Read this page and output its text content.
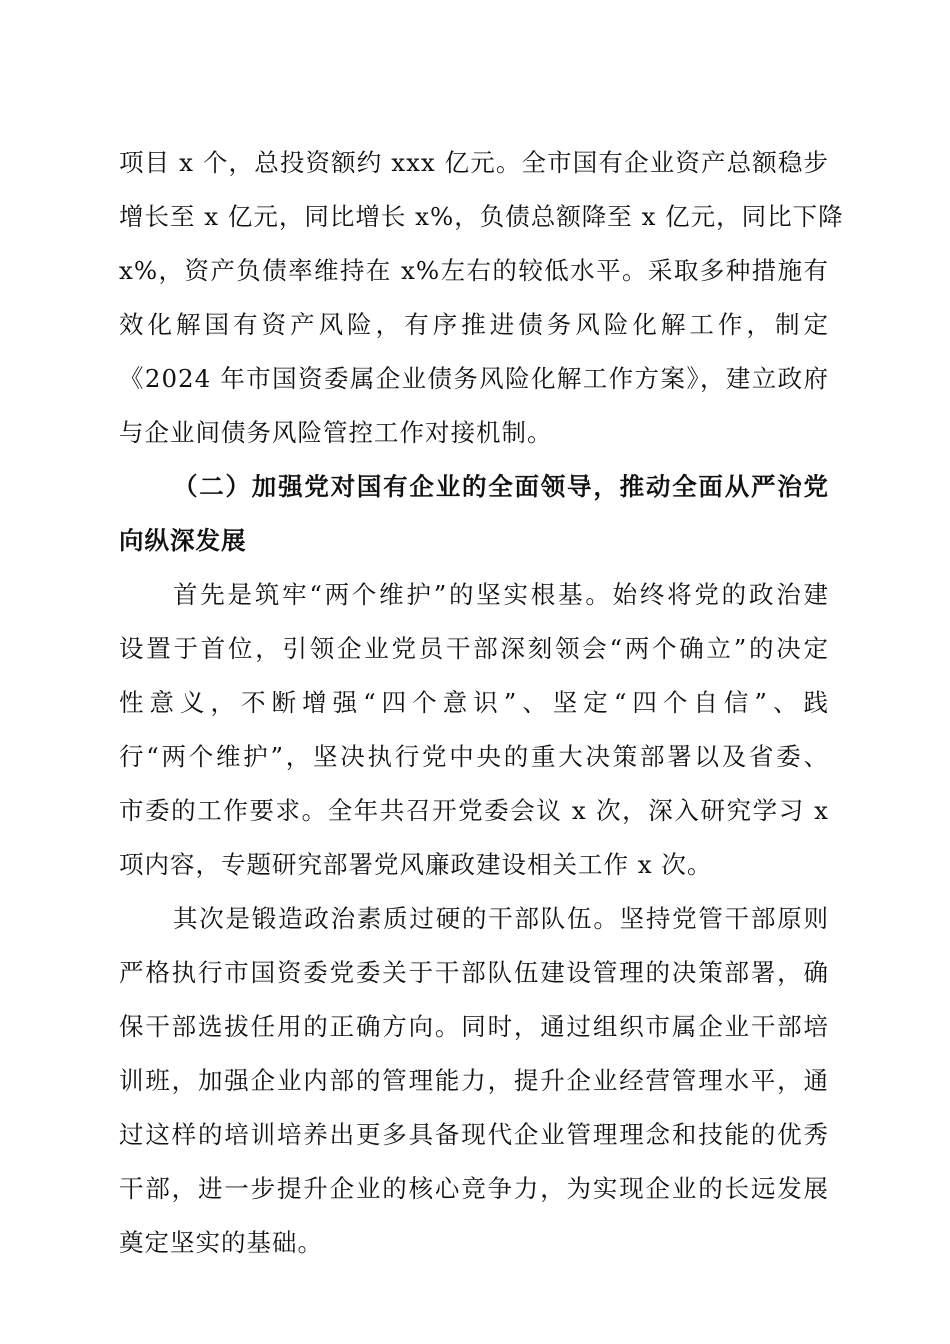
项目 x 个，总投资额约 xxx 亿元。全市国有企业资产总额稳步
增长至 x 亿元，同比增长 x%，负债总额降至 x 亿元，同比下降
x%，资产负债率维持在 x%左右的较低水平。采取多种措施有
效化解国有资产风险，有序推进债务风险化解工作，制定
《2024 年市国资委属企业债务风险化解工作方案》，建立政府
与企业间债务风险管控工作对接机制。
（二）加强党对国有企业的全面领导，推动全面从严治党
向纵深发展
首先是筑牢“两个维护”的坚实根基。始终将党的政治建
设置于首位，引领企业党员干部深刻领会“两个确立”的决定
性意义，不断增强“四个意识”、坚定“四个自信”、践
行“两个维护”，坚决执行党中央的重大决策部署以及省委、
市委的工作要求。全年共召开党委会议 x 次，深入研究学习 x
项内容，专题研究部署党风廉政建设相关工作 x 次。
其次是锻造政治素质过硬的干部队伍。坚持党管干部原则
严格执行市国资委党委关于干部队伍建设管理的决策部署，确
保干部选拔任用的正确方向。同时，通过组织市属企业干部培
训班，加强企业内部的管理能力，提升企业经营管理水平，通
过这样的培训培养出更多具备现代企业管理理念和技能的优秀
干部，进一步提升企业的核心竞争力，为实现企业的长远发展
奠定坚实的基础。
